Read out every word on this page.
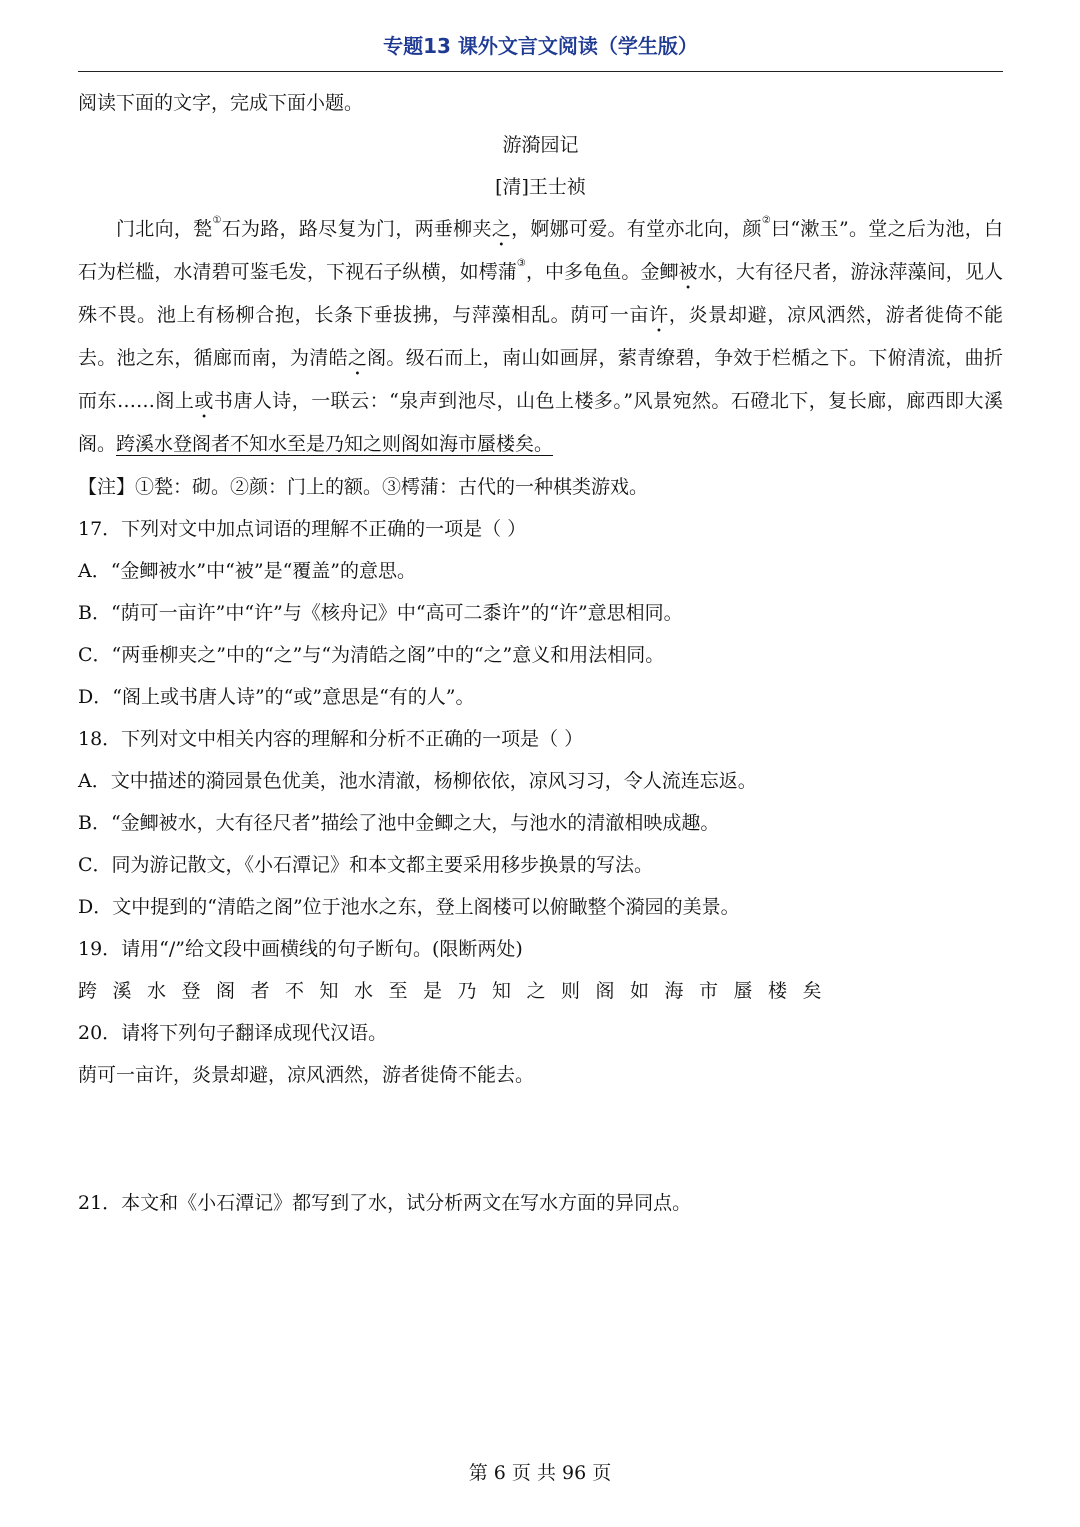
专题13 课外文言文阅读（学生版）
阅读下面的文字，完成下面小题。
游漪园记
[清]王士祯

门北向，甃①石为路，路尽复为门，两垂柳夹之，婀娜可爱。有堂亦北向，颜②曰“漱玉”。堂之后为池，白石为栏槛，水清碧可鉴毛发，下视石子纵横，如樗蒲③，中多龟鱼。金鲫被水，大有径尺者，游泳萍藻间，见人殊不畏。池上有杨柳合抱，长条下垂拔拂，与萍藻相乱。荫可一亩许，炎景却避，凉风洒然，游者徙倚不能去。池之东，循廊而南，为清皓之阁。级石而上，南山如画屏，萦青缭碧，争效于栏楯之下。下俯清流，曲折而东……阁上或书唐人诗，一联云：“泉声到池尽，山色上楼多。”风景宛然。石磴北下，复长廊，廊西即大溪阁。跨溪水登阁者不知水至是乃知之则阁如海市蜃楼矣。

【注】①甃：砌。②颜：门上的额。③樗蒲：古代的一种棋类游戏。
17．下列对文中加点词语的理解不正确的一项是（ ）
A．“金鲫被水”中“被”是“覆盖”的意思。
B．“荫可一亩许”中“许”与《核舟记》中“高可二黍许”的“许”意思相同。
C．“两垂柳夹之”中的“之”与“为清皓之阁”中的“之”意义和用法相同。
D．“阁上或书唐人诗”的“或”意思是“有的人”。
18．下列对文中相关内容的理解和分析不正确的一项是（ ）
A．文中描述的漪园景色优美，池水清澈，杨柳依依，凉风习习，令人流连忘返。
B．“金鲫被水，大有径尺者”描绘了池中金鲫之大，与池水的清澈相映成趣。
C．同为游记散文，《小石潭记》和本文都主要采用移步换景的写法。
D．文中提到的“清皓之阁”位于池水之东，登上阁楼可以俯瞰整个漪园的美景。
19．请用“/”给文段中画横线的句子断句。(限断两处)
跨溪水登阁者不知水至是乃知之则阁如海市蜃楼矣
20．请将下列句子翻译成现代汉语。
荫可一亩许，炎景却避，凉风洒然，游者徙倚不能去。
21．本文和《小石潭记》都写到了水，试分析两文在写水方面的异同点。
第 6 页 共 96 页
